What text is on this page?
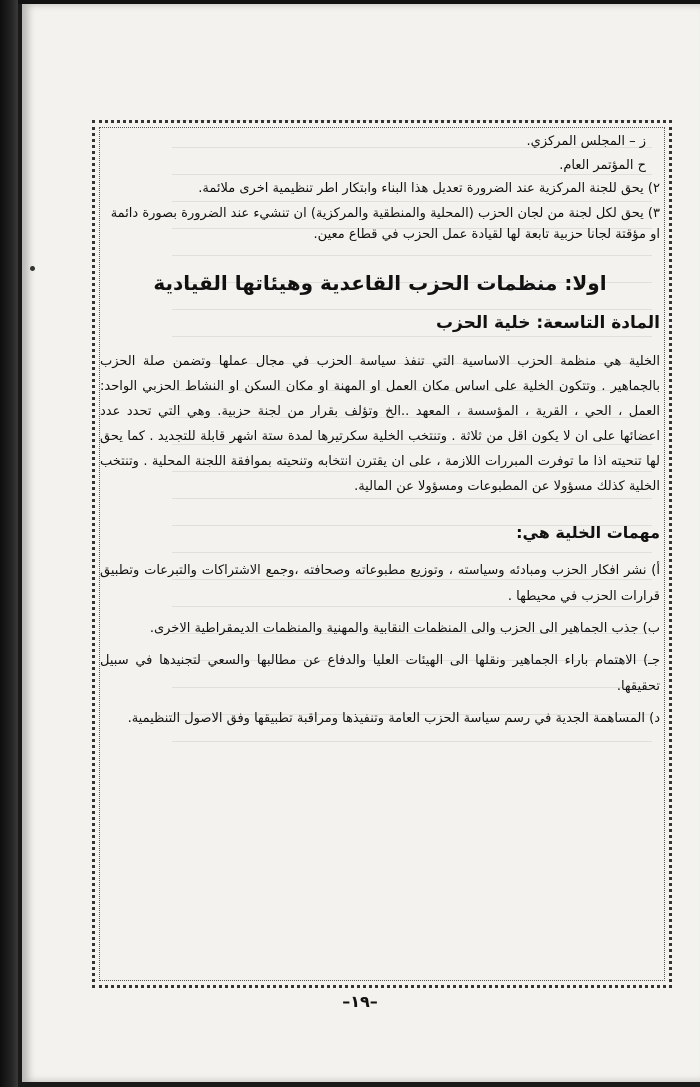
ز – المجلس المركزي.
ح المؤتمر العام.
٢) يحق للجنة المركزية عند الضرورة تعديل هذا البناء وابتكار اطر تنظيمية اخرى ملائمة.
٣) يحق لكل لجنة من لجان الحزب (المحلية والمنطقية والمركزية) ان تنشيء عند الضرورة بصورة دائمة او مؤقتة لجانا حزبية تابعة لها لقيادة عمل الحزب في قطاع معين.
اولا: منظمات الحزب القاعدية وهيئاتها القيادية
المادة التاسعة: خلية الحزب
الخلية هي منظمة الحزب الاساسية التي تنفذ سياسة الحزب في مجال عملها وتضمن صلة الحزب بالجماهير . وتتكون الخلية على اساس مكان العمل او المهنة او مكان السكن او النشاط الحزبي الواحد: العمل ، الحي ، القرية ، المؤسسة ، المعهد ..الخ وتؤلف بقرار من لجنة حزبية. وهي التي تحدد عدد اعضائها على ان لا يكون اقل من ثلاثة . وتنتخب الخلية سكرتيرها لمدة ستة اشهر قابلة للتجديد . كما يحق لها تنحيته اذا ما توفرت المبررات اللازمة ، على ان يقترن انتخابه وتنحيته بموافقة اللجنة المحلية . وتنتخب الخلية كذلك مسؤولا عن المطبوعات ومسؤولا عن المالية.
مهمات الخلية هي:
أ) نشر افكار الحزب ومبادئه وسياسته ، وتوزيع مطبوعاته وصحافته ،وجمع الاشتراكات والتبرعات وتطبيق قرارات الحزب في محيطها .
ب) جذب الجماهير الى الحزب والى المنظمات النقابية والمهنية والمنظمات الديمقراطية الاخرى.
جـ) الاهتمام باراء الجماهير ونقلها الى الهيئات العليا والدفاع عن مطالبها والسعي لتجنيدها في سبيل تحقيقها.
د) المساهمة الجدية في رسم سياسة الحزب العامة وتنفيذها ومراقبة تطبيقها وفق الاصول التنظيمية.
–١٩–
